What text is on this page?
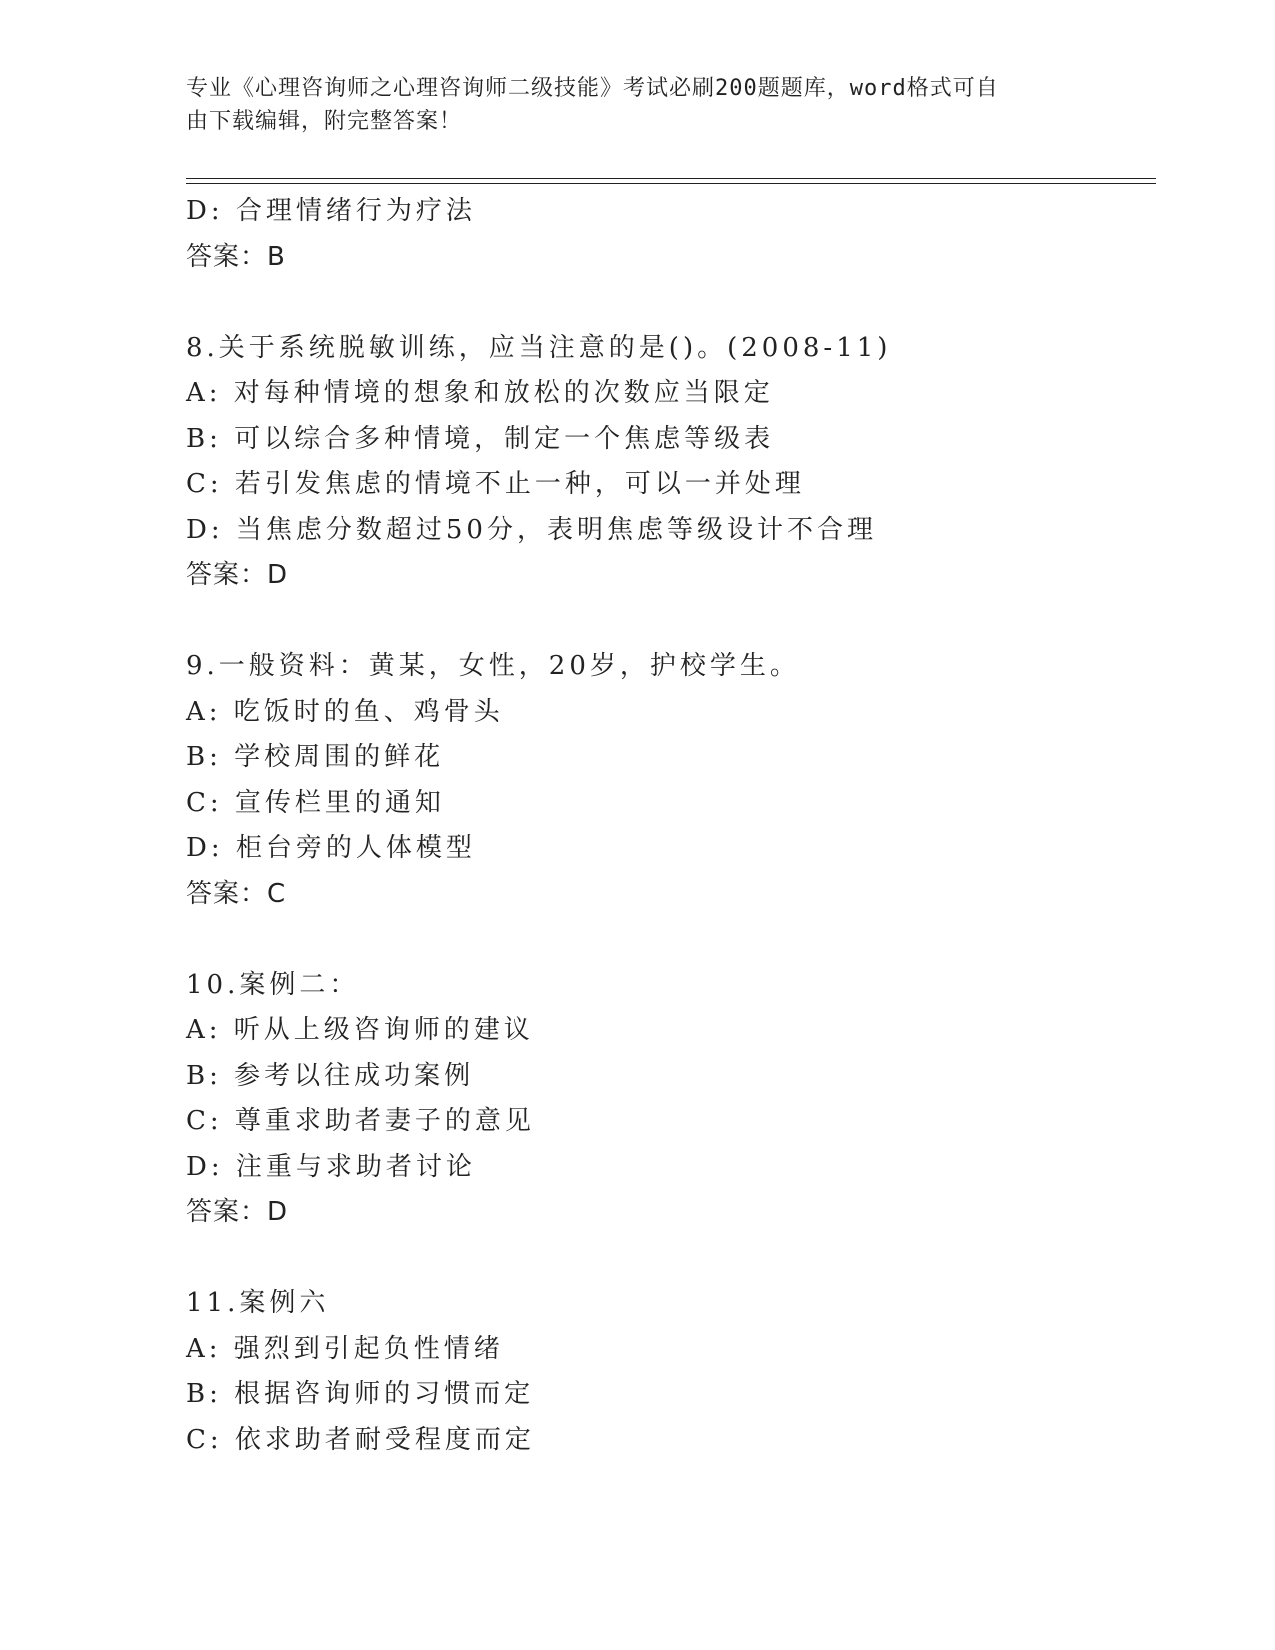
专业《心理咨询师之心理咨询师二级技能》考试必刷200题题库，word格式可自
由下载编辑，附完整答案！
D: 合理情绪行为疗法
答案：B
8.关于系统脱敏训练，应当注意的是()。(2008-11)
A: 对每种情境的想象和放松的次数应当限定
B: 可以综合多种情境，制定一个焦虑等级表
C: 若引发焦虑的情境不止一种，可以一并处理
D: 当焦虑分数超过50分，表明焦虑等级设计不合理
答案：D
9.一般资料：黄某，女性，20岁，护校学生。
A: 吃饭时的鱼、鸡骨头
B: 学校周围的鲜花
C: 宣传栏里的通知
D: 柜台旁的人体模型
答案：C
10.案例二：
A: 听从上级咨询师的建议
B: 参考以往成功案例
C: 尊重求助者妻子的意见
D: 注重与求助者讨论
答案：D
11.案例六
A: 强烈到引起负性情绪
B: 根据咨询师的习惯而定
C: 依求助者耐受程度而定
